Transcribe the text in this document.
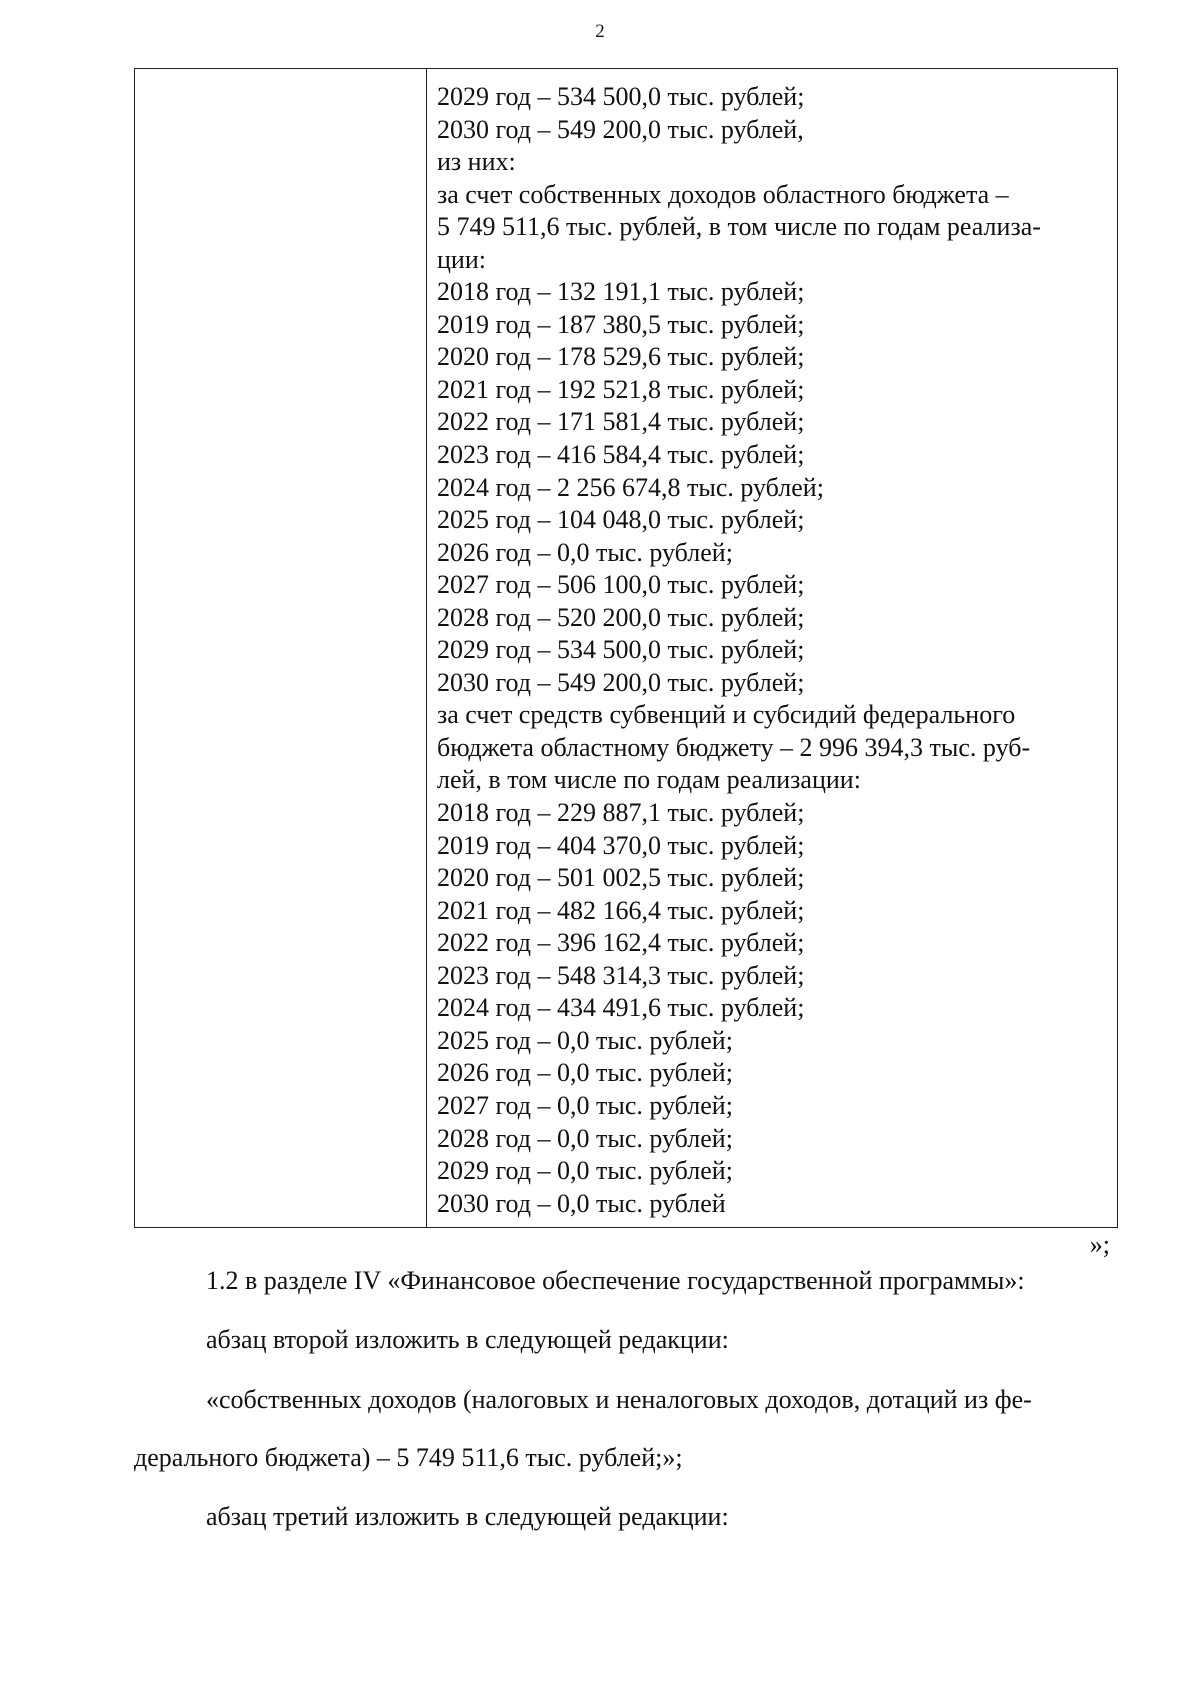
2
2029 год – 534 500,0 тыс. рублей;
2030 год – 549 200,0 тыс. рублей,
из них:
за счет собственных доходов областного бюджета –
5 749 511,6 тыс. рублей, в том числе по годам реализа-
ции:
2018 год – 132 191,1 тыс. рублей;
2019 год – 187 380,5 тыс. рублей;
2020 год – 178 529,6 тыс. рублей;
2021 год – 192 521,8 тыс. рублей;
2022 год – 171 581,4 тыс. рублей;
2023 год – 416 584,4 тыс. рублей;
2024 год – 2 256 674,8 тыс. рублей;
2025 год – 104 048,0 тыс. рублей;
2026 год – 0,0 тыс. рублей;
2027 год – 506 100,0 тыс. рублей;
2028 год – 520 200,0 тыс. рублей;
2029 год – 534 500,0 тыс. рублей;
2030 год – 549 200,0 тыс. рублей;
за счет средств субвенций и субсидий федерального
бюджета областному бюджету – 2 996 394,3 тыс. руб-
лей, в том числе по годам реализации:
2018 год – 229 887,1 тыс. рублей;
2019 год – 404 370,0 тыс. рублей;
2020 год – 501 002,5 тыс. рублей;
2021 год – 482 166,4 тыс. рублей;
2022 год – 396 162,4 тыс. рублей;
2023 год – 548 314,3 тыс. рублей;
2024 год – 434 491,6 тыс. рублей;
2025 год – 0,0 тыс. рублей;
2026 год – 0,0 тыс. рублей;
2027 год – 0,0 тыс. рублей;
2028 год – 0,0 тыс. рублей;
2029 год – 0,0 тыс. рублей;
2030 год – 0,0 тыс. рублей
»;
1.2 в разделе IV «Финансовое обеспечение государственной программы»:
абзац второй изложить в следующей редакции:
«собственных доходов (налоговых и неналоговых доходов, дотаций из фе-
дерального бюджета) – 5 749 511,6 тыс. рублей;»;
абзац третий изложить в следующей редакции:
